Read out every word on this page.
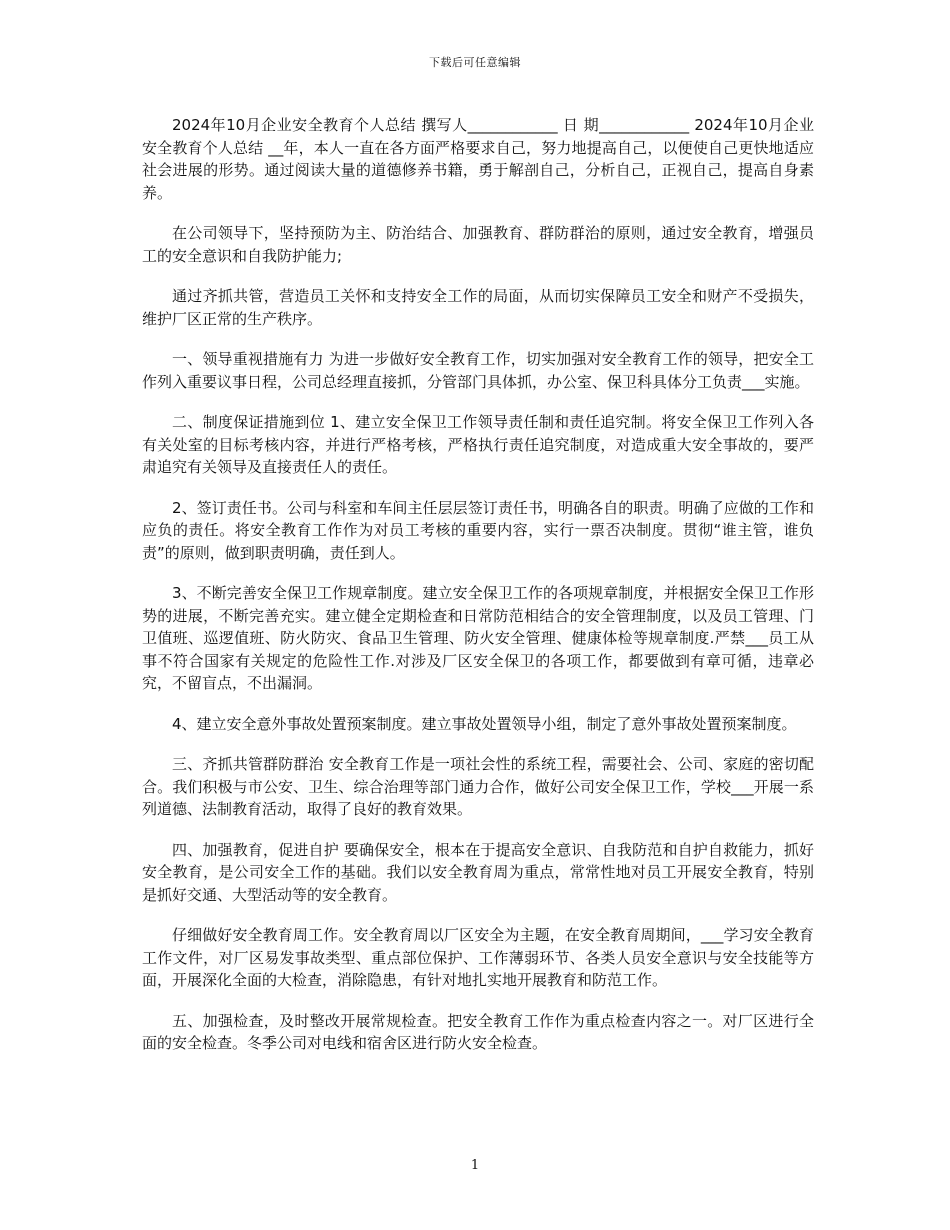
下载后可任意编辑

2024年10月企业安全教育个人总结 撰写人____________ 日 期____________ 2024年10月企业安全教育个人总结 __年，本人一直在各方面严格要求自己，努力地提高自己，以便使自己更快地适应社会进展的形势。通过阅读大量的道德修养书籍，勇于解剖自己，分析自己，正视自己，提高自身素养。

在公司领导下，坚持预防为主、防治结合、加强教育、群防群治的原则，通过安全教育，增强员工的安全意识和自我防护能力;

通过齐抓共管，营造员工关怀和支持安全工作的局面，从而切实保障员工安全和财产不受损失，维护厂区正常的生产秩序。

一、领导重视措施有力 为进一步做好安全教育工作，切实加强对安全教育工作的领导，把安全工作列入重要议事日程，公司总经理直接抓，分管部门具体抓，办公室、保卫科具体分工负责___实施。

二、制度保证措施到位 1、建立安全保卫工作领导责任制和责任追究制。将安全保卫工作列入各有关处室的目标考核内容，并进行严格考核，严格执行责任追究制度，对造成重大安全事故的，要严肃追究有关领导及直接责任人的责任。

2、签订责任书。公司与科室和车间主任层层签订责任书，明确各自的职责。明确了应做的工作和应负的责任。将安全教育工作作为对员工考核的重要内容，实行一票否决制度。贯彻“谁主管，谁负责”的原则，做到职责明确，责任到人。

3、不断完善安全保卫工作规章制度。建立安全保卫工作的各项规章制度，并根据安全保卫工作形势的进展，不断完善充实。建立健全定期检查和日常防范相结合的安全管理制度，以及员工管理、门卫值班、巡逻值班、防火防灾、食品卫生管理、防火安全管理、健康体检等规章制度.严禁___员工从事不符合国家有关规定的危险性工作.对涉及厂区安全保卫的各项工作，都要做到有章可循，违章必究，不留盲点，不出漏洞。

4、建立安全意外事故处置预案制度。建立事故处置领导小组，制定了意外事故处置预案制度。

三、齐抓共管群防群治 安全教育工作是一项社会性的系统工程，需要社会、公司、家庭的密切配合。我们积极与市公安、卫生、综合治理等部门通力合作，做好公司安全保卫工作，学校___开展一系列道德、法制教育活动，取得了良好的教育效果。

四、加强教育，促进自护 要确保安全，根本在于提高安全意识、自我防范和自护自救能力，抓好安全教育，是公司安全工作的基础。我们以安全教育周为重点，常常性地对员工开展安全教育，特别是抓好交通、大型活动等的安全教育。

仔细做好安全教育周工作。安全教育周以厂区安全为主题，在安全教育周期间，___学习安全教育工作文件，对厂区易发事故类型、重点部位保护、工作薄弱环节、各类人员安全意识与安全技能等方面，开展深化全面的大检查，消除隐患，有针对地扎实地开展教育和防范工作。

五、加强检查，及时整改开展常规检查。把安全教育工作作为重点检查内容之一。对厂区进行全面的安全检查。冬季公司对电线和宿舍区进行防火安全检查。

1
